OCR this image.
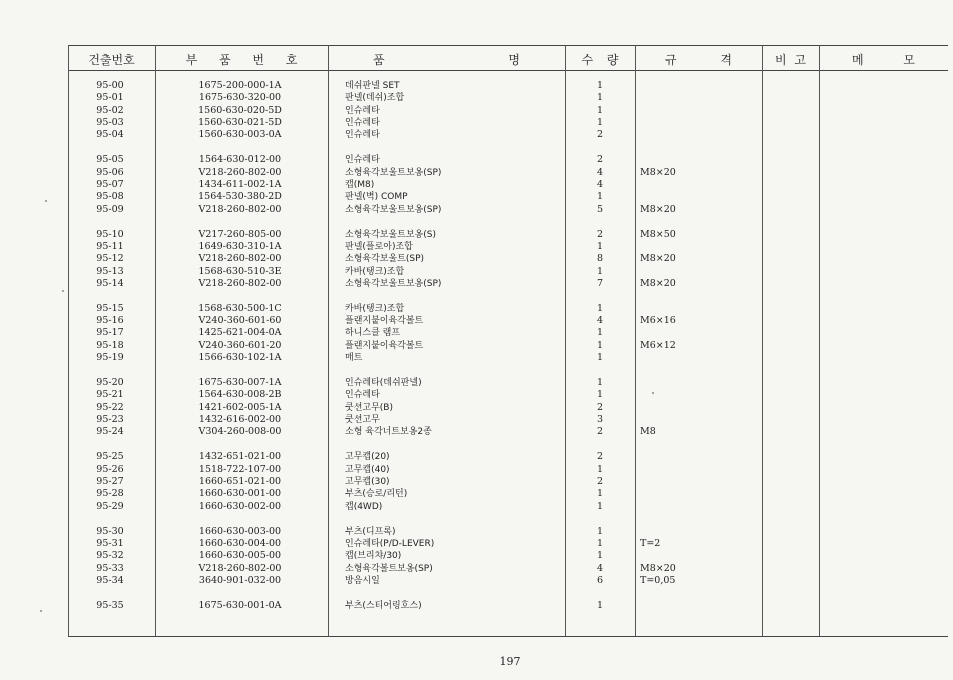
건출번호	부 품 번 호	품 명	수 량	규 격	비 고	메 모
95-00	1675-200-000-1A	데쉬판넬 SET	1
95-01	1675-630-320-00	판넬(데쉬)조합	1
95-02	1560-630-020-5D	인슈레타	1
95-03	1560-630-021-5D	인슈레타	1
95-04	1560-630-003-0A	인슈레타	2
95-05	1564-630-012-00	인슈레타	2
95-06	V218-260-802-00	소형육각보울트보옹(SP)	4	M8×20
95-07	1434-611-002-1A	캡(M8)	4
95-08	1564-530-380-2D	판넬(벽) COMP	1
95-09	V218-260-802-00	소형육각보울트보옹(SP)	5	M8×20
95-10	V217-260-805-00	소형육각보울트보옹(S)	2	M8×50
95-11	1649-630-310-1A	판넬(플로아)조합	1
95-12	V218-260-802-00	소형육각보울트(SP)	8	M8×20
95-13	1568-630-510-3E	카바(탱크)조합	1
95-14	V218-260-802-00	소형육각보울트보옹(SP)	7	M8×20
95-15	1568-630-500-1C	카바(탱크)조합	1
95-16	V240-360-601-60	플랜지붙이육각볼트	4	M6×16
95-17	1425-621-004-0A	하니스클 램프	1
95-18	V240-360-601-20	플랜지붙이육각볼트	1	M6×12
95-19	1566-630-102-1A	매트	1
95-20	1675-630-007-1A	인슈레타(데쉬판넬)	1
95-21	1564-630-008-2B	인슈레타	1
95-22	1421-602-005-1A	쿳션고무(B)	2
95-23	1432-616-002-00	쿳션고무	3
95-24	V304-260-008-00	소형 육각너트보옹2종	2	M8
95-25	1432-651-021-00	고무캡(20)	2
95-26	1518-722-107-00	고무캡(40)	1
95-27	1660-651-021-00	고무캡(30)	2
95-28	1660-630-001-00	부츠(승로/리턴)	1
95-29	1660-630-002-00	캡(4WD)	1
95-30	1660-630-003-00	부츠(디프록)	1
95-31	1660-630-004-00	인슈레타(P/D-LEVER)	1	T=2
95-32	1660-630-005-00	캡(브리챠/30)	1
95-33	V218-260-802-00	소형육각볼트보옹(SP)	4	M8×20
95-34	3640-901-032-00	방음시일	6	T=0,05
95-35	1675-630-001-0A	부츠(스티어링호스)	1
197
